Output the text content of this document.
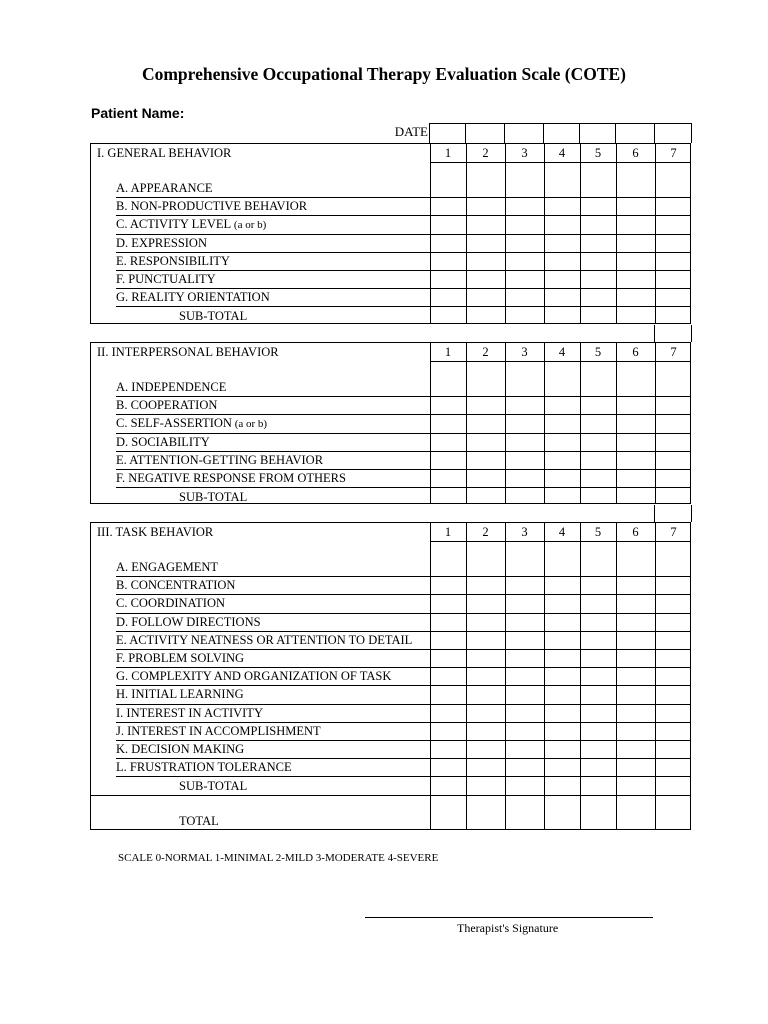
Comprehensive Occupational Therapy Evaluation Scale (COTE)
Patient Name:
DATE
I. GENERAL BEHAVIOR	1	2	3	4	5	6	7
A. APPEARANCE
B. NON-PRODUCTIVE BEHAVIOR
C. ACTIVITY LEVEL (a or b)
D. EXPRESSION
E. RESPONSIBILITY
F. PUNCTUALITY
G. REALITY ORIENTATION
SUB-TOTAL
II. INTERPERSONAL BEHAVIOR	1	2	3	4	5	6	7
A. INDEPENDENCE
B. COOPERATION
C. SELF-ASSERTION (a or b)
D. SOCIABILITY
E. ATTENTION-GETTING BEHAVIOR
F. NEGATIVE RESPONSE FROM OTHERS
SUB-TOTAL
III. TASK BEHAVIOR	1	2	3	4	5	6	7
A. ENGAGEMENT
B. CONCENTRATION
C. COORDINATION
D. FOLLOW DIRECTIONS
E. ACTIVITY NEATNESS OR ATTENTION TO DETAIL
F. PROBLEM SOLVING
G. COMPLEXITY AND ORGANIZATION OF TASK
H. INITIAL LEARNING
I. INTEREST IN ACTIVITY
J. INTEREST IN ACCOMPLISHMENT
K. DECISION MAKING
L. FRUSTRATION TOLERANCE
SUB-TOTAL
TOTAL
SCALE 0-NORMAL 1-MINIMAL 2-MILD 3-MODERATE 4-SEVERE
Therapist's Signature
